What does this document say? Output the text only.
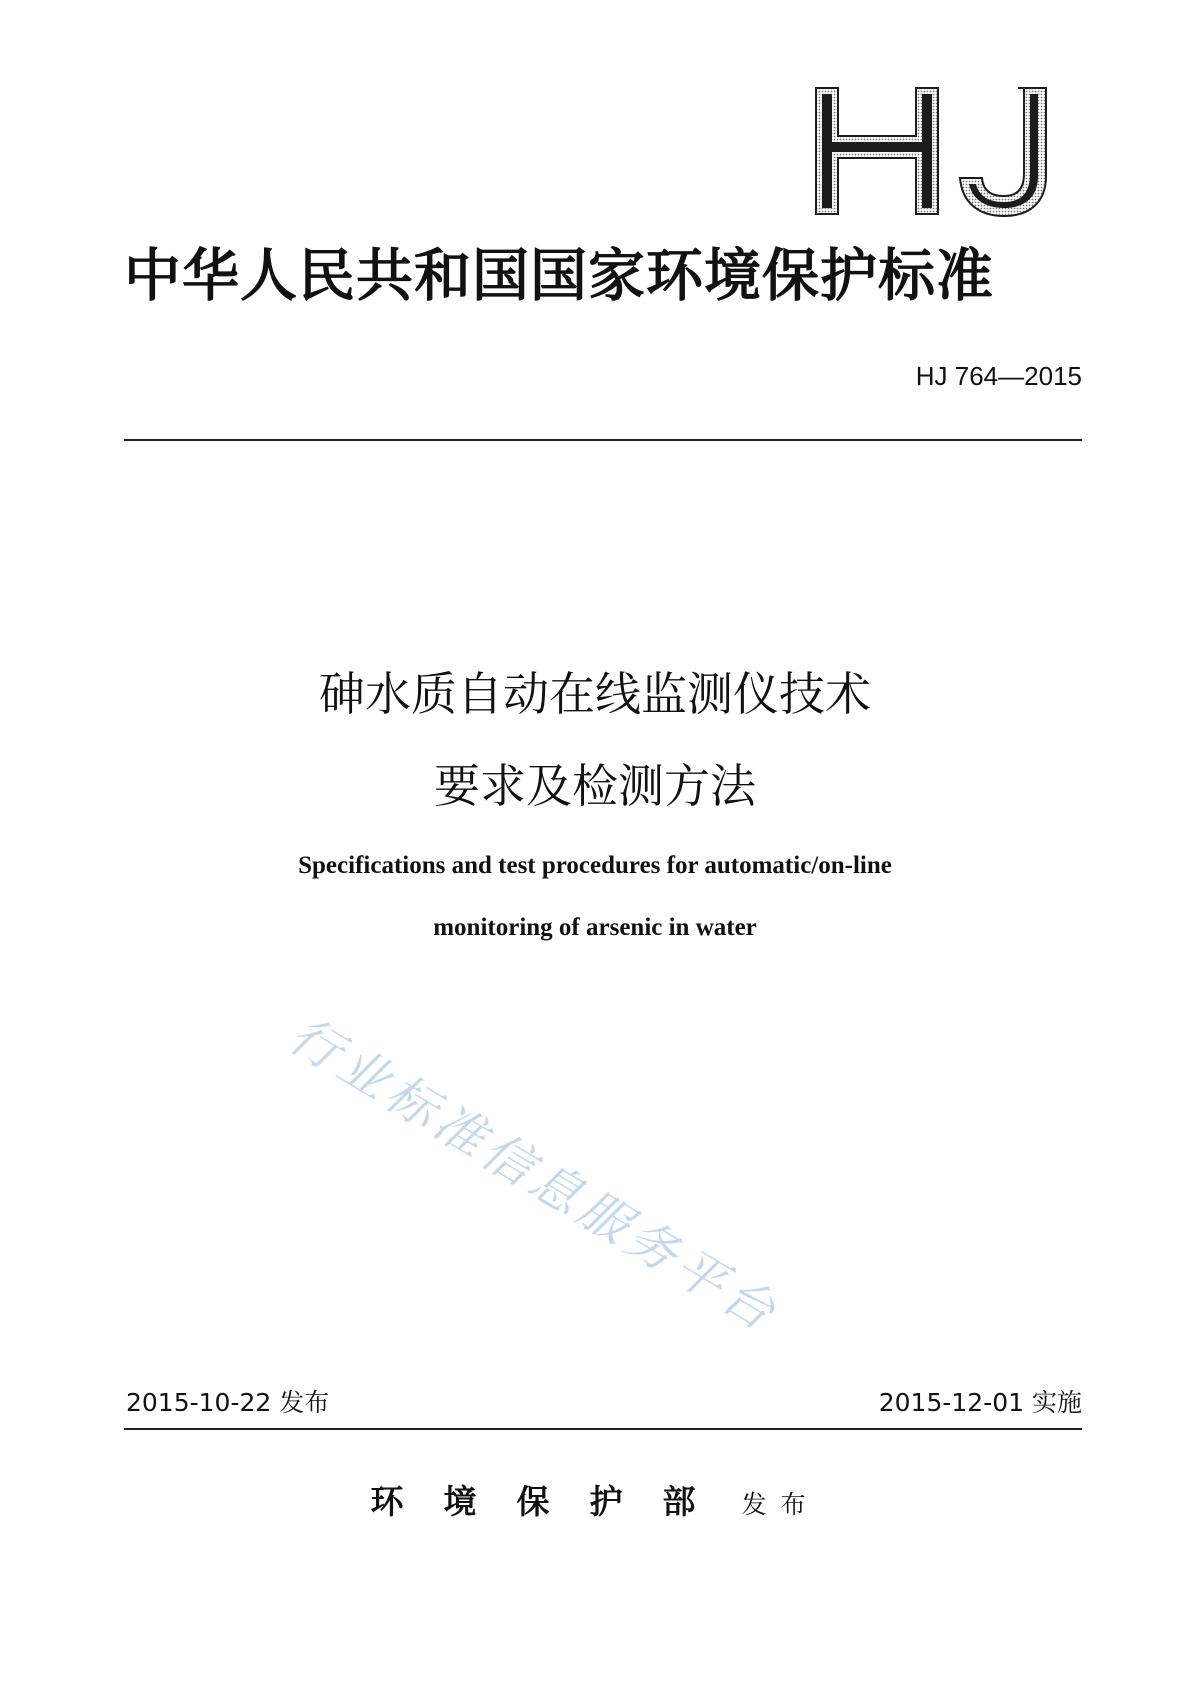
中华人民共和国国家环境保护标准
HJ 764—2015
砷水质自动在线监测仪技术
要求及检测方法
Specifications and test procedures for automatic/on-line
monitoring of arsenic in water
行业标准信息服务平台
2015-10-22 发布	2015-12-01 实施
环境保护部 发布
